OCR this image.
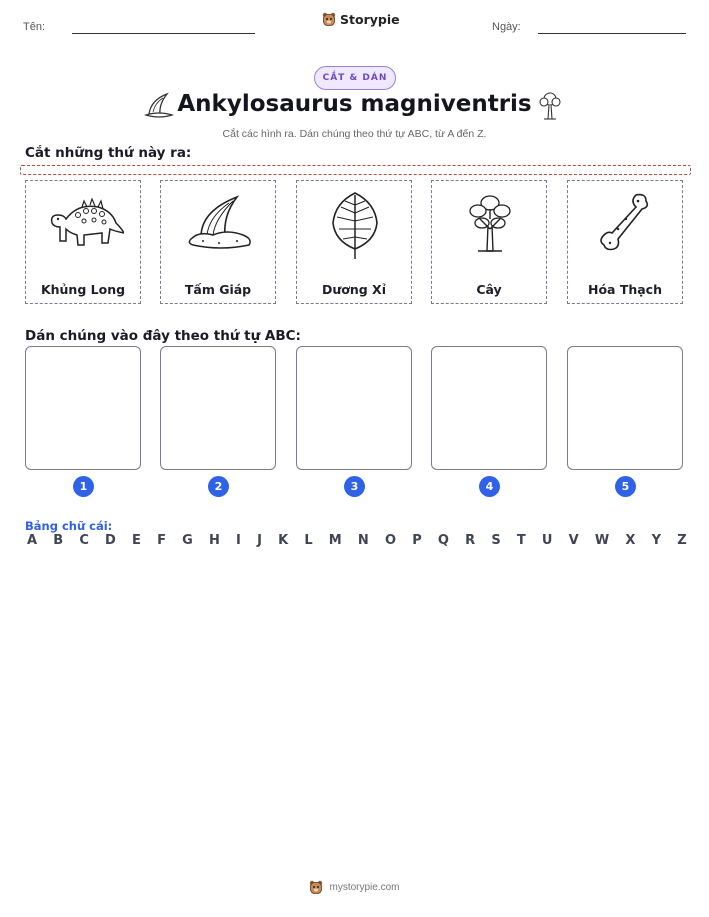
Tên:	Storypie	Ngày:
CẮT & DÁN
Ankylosaurus magniventris
Cắt các hình ra. Dán chúng theo thứ tự ABC, từ A đến Z.
Cắt những thứ này ra:
Khủng Long	Tấm Giáp	Dương Xỉ	Cây	Hóa Thạch
Dán chúng vào đây theo thứ tự ABC:
1	2	3	4	5
Bảng chữ cái:
A B C D E F G H I J K L M N O P Q R S T U V W X Y Z
mystorypie.com
